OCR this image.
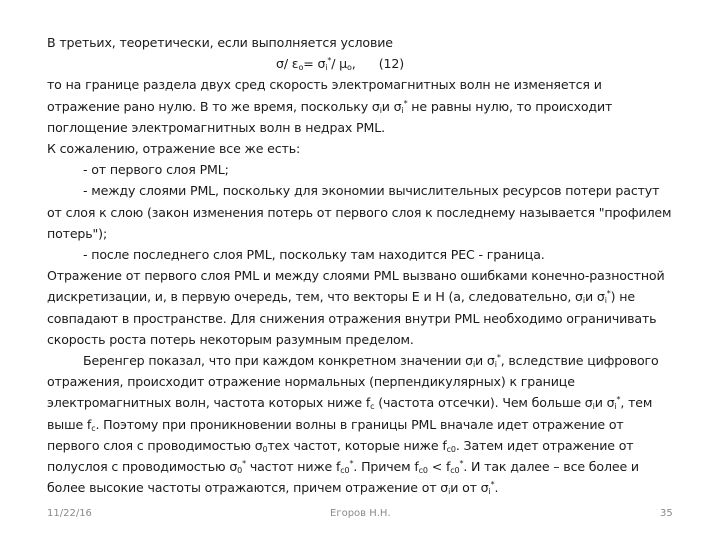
В третьих, теоретически, если выполняется условие

σ/ $\varepsilon_o= \sigma_i^*/$ $\mu_o$, (12)

то на границе раздела двух сред скорость электромагнитных волн не изменяется и отражение рано нулю. В то же время, поскольку $\sigma_iи$ $\sigma_i^*$ не равны нулю, то происходит поглощение электромагнитных волн в недрах PML.

К сожалению, отражение все же есть:

- от первого слоя PML;

- между слоями PML, поскольку для экономии вычислительных ресурсов потери растут от слоя к слою (закон изменения потерь от первого слоя к последнему называется "профилем потерь");

- после последнего слоя PML, поскольку там находится PEC - граница.

Отражение от первого слоя PML и между слоями PML вызвано ошибками конечно-разностной дискретизации, и, в первую очередь, тем, что векторы E и H (а, следовательно, $\sigma_iи$ $\sigma_i^*$) не совпадают в пространстве. Для снижения отражения внутри PML необходимо ограничивать скорость роста потерь некоторым разумным пределом.

Беренгер показал, что при каждом конкретном значении $\sigma_iи$ $\sigma_i^*$, вследствие цифрового отражения, происходит отражение нормальных (перпендикулярных) к границе электромагнитных волн, частота которых ниже $f_c$ (частота отсечки). Чем больше $\sigma_iи$ $\sigma_i^*$, тем выше $f_c$. Поэтому при проникновении волны в границы PML вначале идет отражение от первого слоя с проводимостью $\sigma_0тех$ частот, которые ниже $f_{c0}$. Затем идет отражение от полуслоя с проводимостью $\sigma_0^*$ частот ниже $f_{c0}^*$. Причем $f_{c0} < f_{c0}^*$. И так далее – все более и более высокие частоты отражаются, причем отражение от $\sigma_iи$ от $\sigma_i^*$.

11/22/16	Егоров Н.Н.	35
